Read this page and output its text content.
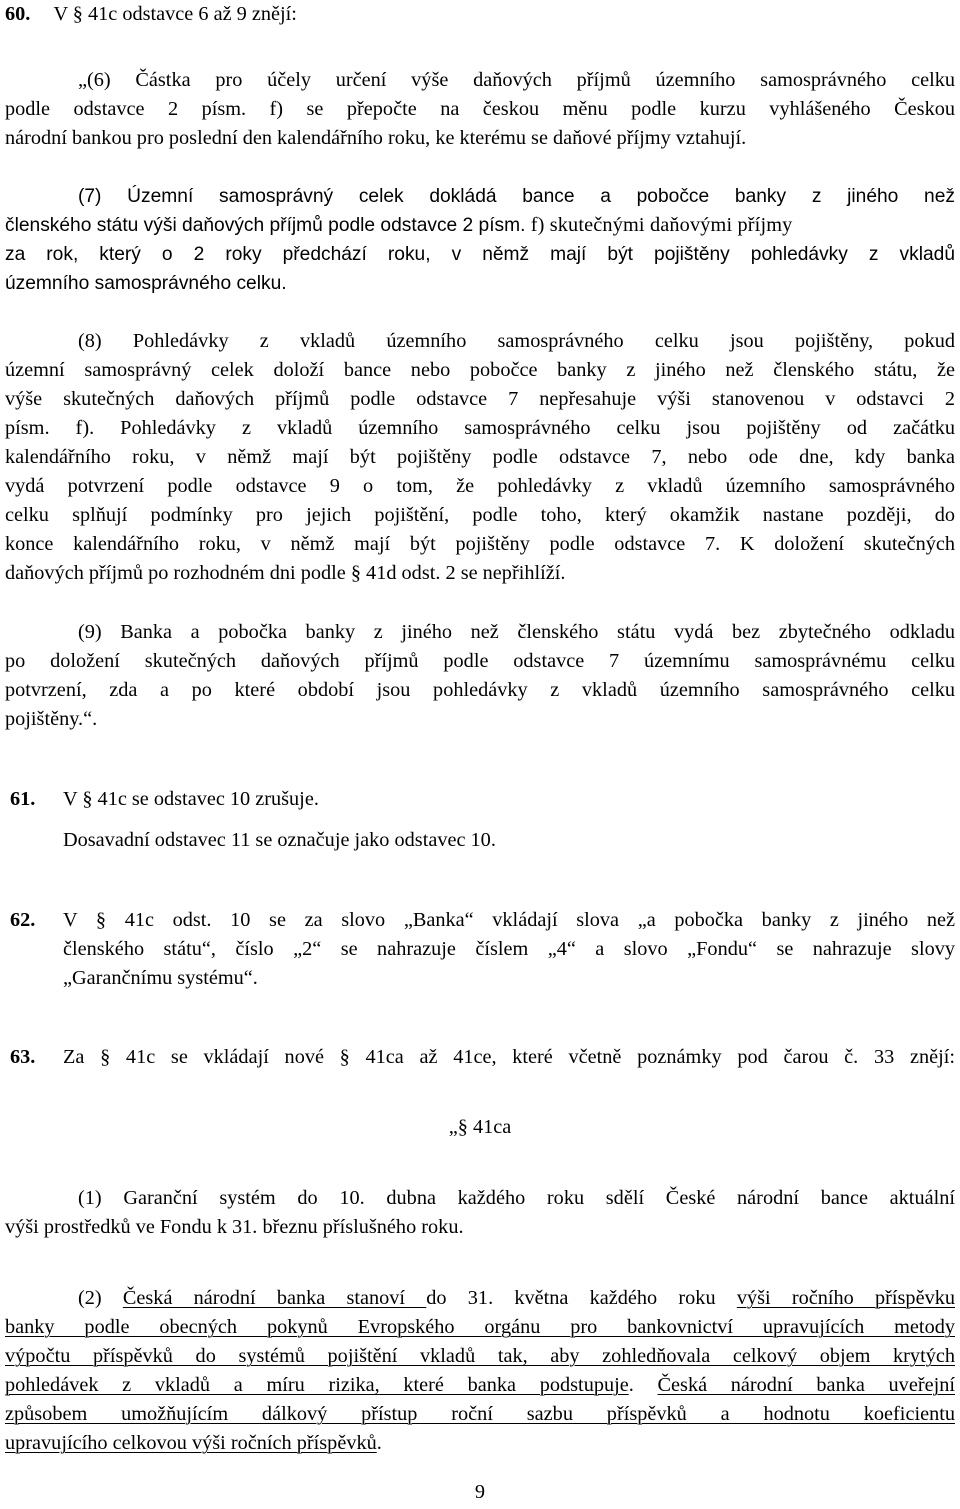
60. V § 41c odstavce 6 až 9 znějí:
„(6) Částka pro účely určení výše daňových příjmů územního samosprávného celku
podle odstavce 2 písm. f) se přepočte na českou měnu podle kurzu vyhlášeného Českou
národní bankou pro poslední den kalendářního roku, ke kterému se daňové příjmy vztahují.
(7) Územní samosprávný celek dokládá bance a pobočce banky z jiného než
členského státu výši daňových příjmů podle odstavce 2 písm. f) skutečnými daňovými příjmy
za rok, který o 2 roky předchází roku, v němž mají být pojištěny pohledávky z vkladů
územního samosprávného celku.
(8) Pohledávky z vkladů územního samosprávného celku jsou pojištěny, pokud
územní samosprávný celek doloží bance nebo pobočce banky z jiného než členského státu, že
výše skutečných daňových příjmů podle odstavce 7 nepřesahuje výši stanovenou v odstavci 2
písm. f). Pohledávky z vkladů územního samosprávného celku jsou pojištěny od začátku
kalendářního roku, v němž mají být pojištěny podle odstavce 7, nebo ode dne, kdy banka
vydá potvrzení podle odstavce 9 o tom, že pohledávky z vkladů územního samosprávného
celku splňují podmínky pro jejich pojištění, podle toho, který okamžik nastane později, do
konce kalendářního roku, v němž mají být pojištěny podle odstavce 7. K doložení skutečných
daňových příjmů po rozhodném dni podle § 41d odst. 2 se nepřihlíží.
(9) Banka a pobočka banky z jiného než členského státu vydá bez zbytečného odkladu
po doložení skutečných daňových příjmů podle odstavce 7 územnímu samosprávnému celku
potvrzení, zda a po které období jsou pohledávky z vkladů územního samosprávného celku
pojištěny.“.
61. V § 41c se odstavec 10 zrušuje.
Dosavadní odstavec 11 se označuje jako odstavec 10.
62. V § 41c odst. 10 se za slovo „Banka“ vkládají slova „a pobočka banky z jiného než
členského státu“, číslo „2“ se nahrazuje číslem „4“ a slovo „Fondu“ se nahrazuje slovy
„Garančnímu systému“.
63. Za § 41c se vkládají nové § 41ca až 41ce, které včetně poznámky pod čarou č. 33 znějí:
„§ 41ca
(1) Garanční systém do 10. dubna každého roku sdělí České národní bance aktuální
výši prostředků ve Fondu k 31. březnu příslušného roku.
(2) Česká národní banka stanoví do 31. května každého roku výši ročního příspěvku
banky podle obecných pokynů Evropského orgánu pro bankovnictví upravujících metody
výpočtu příspěvků do systémů pojištění vkladů tak, aby zohledňovala celkový objem krytých
pohledávek z vkladů a míru rizika, které banka podstupuje. Česká národní banka uveřejní
způsobem umožňujícím dálkový přístup roční sazbu příspěvků a hodnotu koeficientu
upravujícího celkovou výši ročních příspěvků.
9
